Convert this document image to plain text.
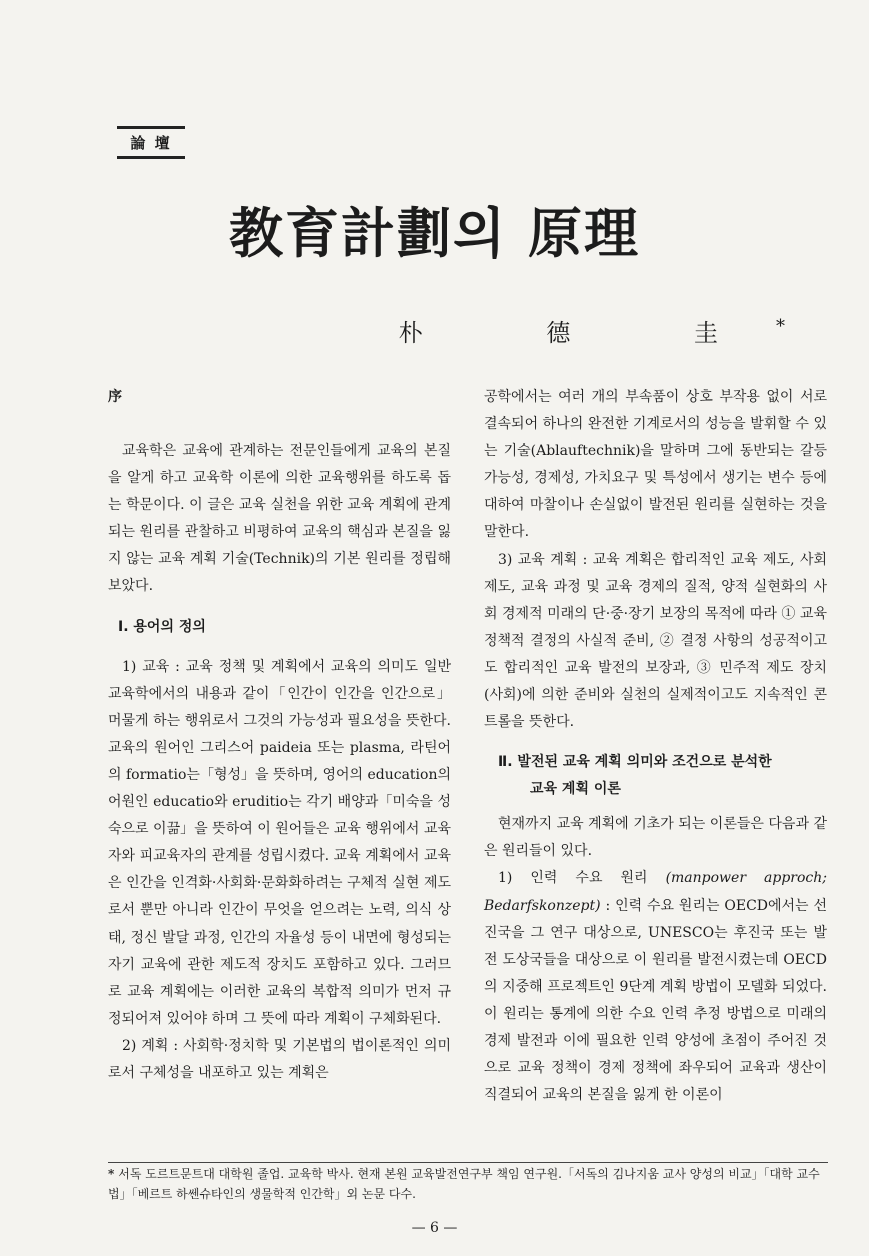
論 壇
教育計劃의 原理
朴 德 圭*
序

교육학은 교육에 관계하는 전문인들에게 교육의 본질을 알게 하고 교육학 이론에 의한 교육행위를 하도록 돕는 학문이다. 이 글은 교육 실천을 위한 교육 계획에 관계되는 원리를 관찰하고 비평하여 교육의 핵심과 본질을 잃지 않는 교육 계획 기술(Technik)의 기본 원리를 정립해 보았다.

Ⅰ. 용어의 정의

1) 교육 : 교육 정책 및 계획에서 교육의 의미도 일반 교육학에서의 내용과 같이「인간이 인간을 인간으로」머물게 하는 행위로서 그것의 가능성과 필요성을 뜻한다. 교육의 원어인 그리스어 paideia 또는 plasma, 라틴어의 formatio는「형성」을 뜻하며, 영어의 education의 어원인 educatio와 eruditio는 각기 배양과「미숙을 성숙으로 이끎」을 뜻하여 이 원어들은 교육 행위에서 교육자와 피교육자의 관계를 성립시켰다. 교육 계획에서 교육은 인간을 인격화·사회화·문화화하려는 구체적 실현 제도로서 뿐만 아니라 인간이 무엇을 얻으려는 노력, 의식 상태, 정신 발달 과정, 인간의 자율성 등이 내면에 형성되는 자기 교육에 관한 제도적 장치도 포함하고 있다. 그러므로 교육 계획에는 이러한 교육의 복합적 의미가 먼저 규정되어져 있어야 하며 그 뜻에 따라 계획이 구체화된다.

2) 계획 : 사회학·정치학 및 기본법의 법이론적인 의미로서 구체성을 내포하고 있는 계획은

공학에서는 여러 개의 부속품이 상호 부작용 없이 서로 결속되어 하나의 완전한 기계로서의 성능을 발휘할 수 있는 기술(Ablauftechnik)을 말하며 그에 동반되는 갈등 가능성, 경제성, 가치요구 및 특성에서 생기는 변수 등에 대하여 마찰이나 손실없이 발전된 원리를 실현하는 것을 말한다.

3) 교육 계획 : 교육 계획은 합리적인 교육 제도, 사회 제도, 교육 과정 및 교육 경제의 질적, 양적 실현화의 사회 경제적 미래의 단·중·장기 보장의 목적에 따라 ① 교육 정책적 결정의 사실적 준비, ② 결정 사항의 성공적이고도 합리적인 교육 발전의 보장과, ③ 민주적 제도 장치(사회)에 의한 준비와 실천의 실제적이고도 지속적인 콘트롤을 뜻한다.

Ⅱ. 발전된 교육 계획 의미와 조건으로 분석한
교육 계획 이론

현재까지 교육 계획에 기초가 되는 이론들은 다음과 같은 원리들이 있다.

1) 인력 수요 원리 (manpower approch; Bedarfskonzept) : 인력 수요 원리는 OECD에서는 선진국을 그 연구 대상으로, UNESCO는 후진국 또는 발전 도상국들을 대상으로 이 원리를 발전시켰는데 OECD의 지중해 프로젝트인 9단계 계획 방법이 모델화 되었다. 이 원리는 통계에 의한 수요 인력 추정 방법으로 미래의 경제 발전과 이에 필요한 인력 양성에 초점이 주어진 것으로 교육 정책이 경제 정책에 좌우되어 교육과 생산이 직결되어 교육의 본질을 잃게 한 이론이

* 서독 도르트문트대 대학원 졸업. 교육학 박사. 현재 본원 교육발전연구부 책임 연구원.「서독의 김나지움 교사 양성의 비교」「대학 교수법」「베르트 하쎈슈타인의 생물학적 인간학」외 논문 다수.
— 6 —
